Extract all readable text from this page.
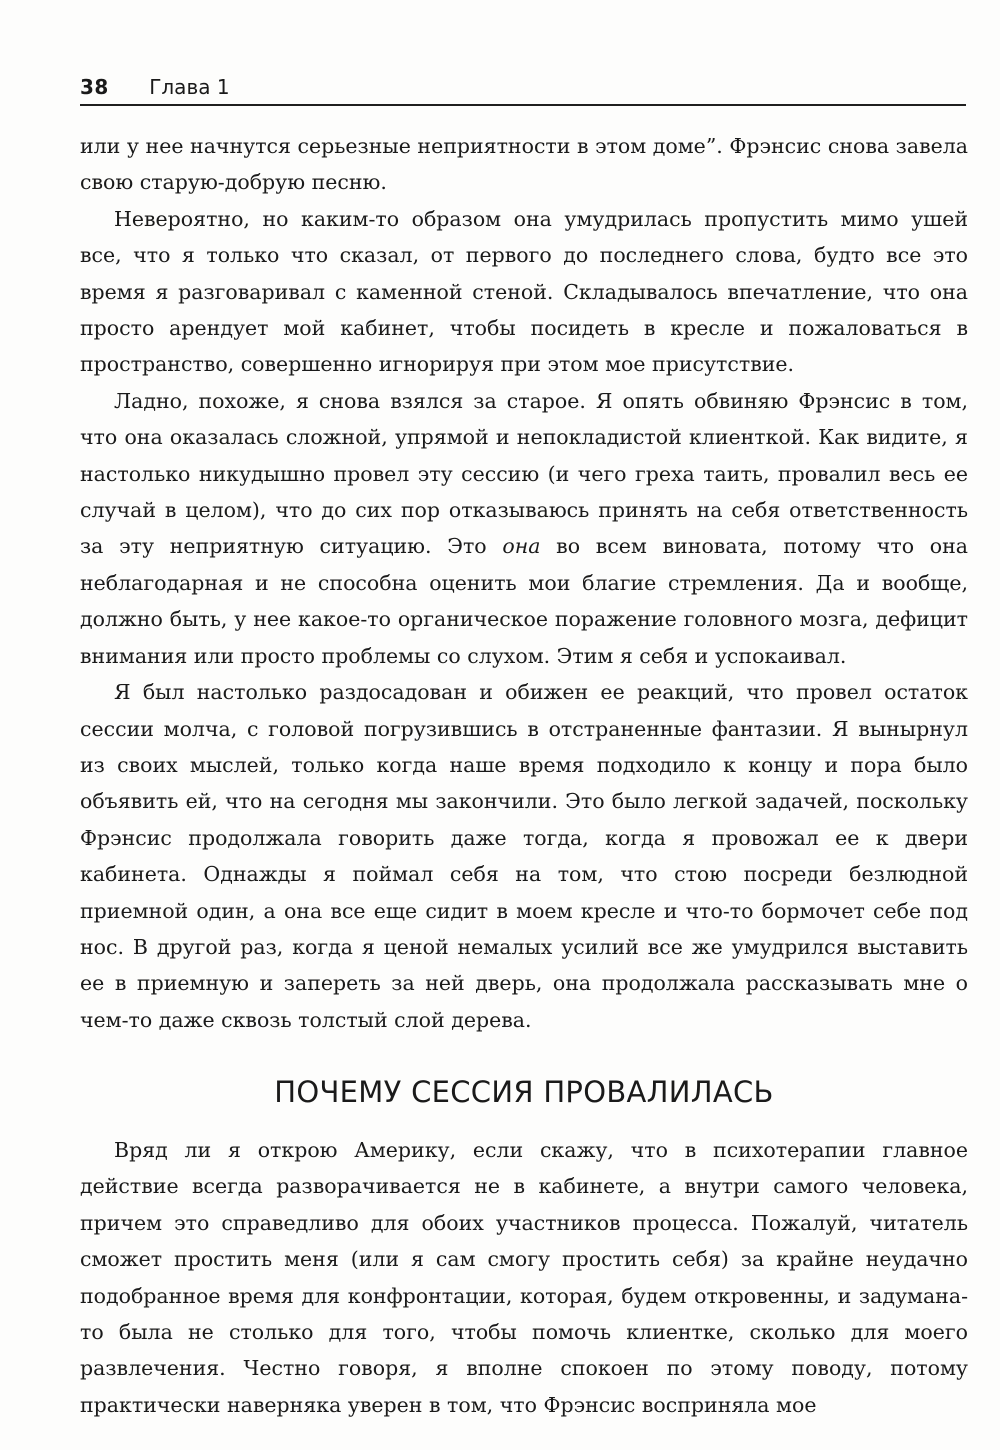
38 Глава 1

или у нее начнутся серьезные неприятности в этом доме”. Фрэнсис снова завела свою старую-добрую песню.

Невероятно, но каким-то образом она умудрилась пропустить мимо ушей все, что я только что сказал, от первого до последнего слова, будто все это время я разговаривал с каменной стеной. Складывалось впечатление, что она просто арендует мой кабинет, чтобы посидеть в кресле и пожаловаться в пространство, совершенно игнорируя при этом мое присутствие.

Ладно, похоже, я снова взялся за старое. Я опять обвиняю Фрэнсис в том, что она оказалась сложной, упрямой и непокладистой клиенткой. Как видите, я настолько никудышно провел эту сессию (и чего греха таить, провалил весь ее случай в целом), что до сих пор отказываюсь принять на себя ответственность за эту неприятную ситуацию. Это она во всем виновата, потому что она неблагодарная и не способна оценить мои благие стремления. Да и вообще, должно быть, у нее какое-то органическое поражение головного мозга, дефицит внимания или просто проблемы со слухом. Этим я себя и успокаивал.

Я был настолько раздосадован и обижен ее реакций, что провел остаток сессии молча, с головой погрузившись в отстраненные фантазии. Я вынырнул из своих мыслей, только когда наше время подходило к концу и пора было объявить ей, что на сегодня мы закончили. Это было легкой задачей, поскольку Фрэнсис продолжала говорить даже тогда, когда я провожал ее к двери кабинета. Однажды я поймал себя на том, что стою посреди безлюдной приемной один, а она все еще сидит в моем кресле и что-то бормочет себе под нос. В другой раз, когда я ценой немалых усилий все же умудрился выставить ее в приемную и запереть за ней дверь, она продолжала рассказывать мне о чем-то даже сквозь толстый слой дерева.

ПОЧЕМУ СЕССИЯ ПРОВАЛИЛАСЬ

Вряд ли я открою Америку, если скажу, что в психотерапии главное действие всегда разворачивается не в кабинете, а внутри самого человека, причем это справедливо для обоих участников процесса. Пожалуй, читатель сможет простить меня (или я сам смогу простить себя) за крайне неудачно подобранное время для конфронтации, которая, будем откровенны, и задумана-то была не столько для того, чтобы помочь клиентке, сколько для моего развлечения. Честно говоря, я вполне спокоен по этому поводу, потому практически наверняка уверен в том, что Фрэнсис восприняла мое
